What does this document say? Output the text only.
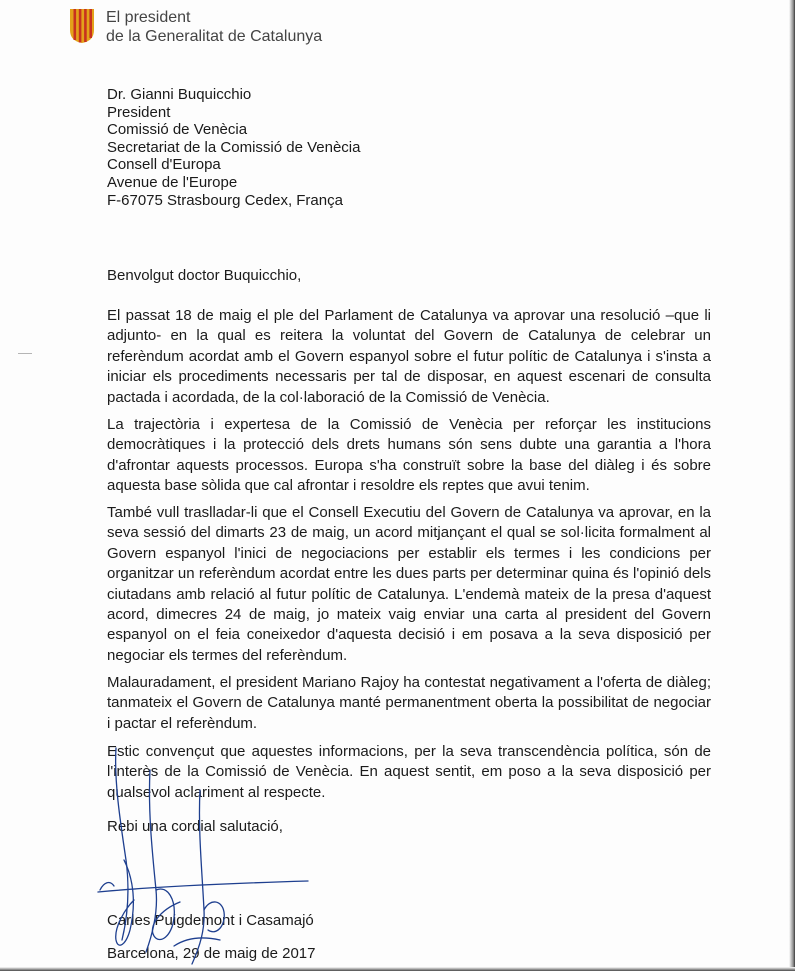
El president
de la Generalitat de Catalunya
Dr. Gianni Buquicchio
President
Comissió de Venècia
Secretariat de la Comissió de Venècia
Consell d'Europa
Avenue de l'Europe
F-67075 Strasbourg Cedex, França
Benvolgut doctor Buquicchio,
El passat 18 de maig el ple del Parlament de Catalunya va aprovar una resolució –que li adjunto- en la qual es reitera la voluntat del Govern de Catalunya de celebrar un referèndum acordat amb el Govern espanyol sobre el futur polític de Catalunya i s'insta a iniciar els procediments necessaris per tal de disposar, en aquest escenari de consulta pactada i acordada, de la col·laboració de la Comissió de Venècia.
La trajectòria i expertesa de la Comissió de Venècia per reforçar les institucions democràtiques i la protecció dels drets humans són sens dubte una garantia a l'hora d'afrontar aquests processos. Europa s'ha construït sobre la base del diàleg i és sobre aquesta base sòlida que cal afrontar i resoldre els reptes que avui tenim.
També vull traslladar-li que el Consell Executiu del Govern de Catalunya va aprovar, en la seva sessió del dimarts 23 de maig, un acord mitjançant el qual se sol·licita formalment al Govern espanyol l'inici de negociacions per establir els termes i les condicions per organitzar un referèndum acordat entre les dues parts per determinar quina és l'opinió dels ciutadans amb relació al futur polític de Catalunya. L'endemà mateix de la presa d'aquest acord, dimecres 24 de maig, jo mateix vaig enviar una carta al president del Govern espanyol on el feia coneixedor d'aquesta decisió i em posava a la seva disposició per negociar els termes del referèndum.
Malauradament, el president Mariano Rajoy ha contestat negativament a l'oferta de diàleg; tanmateix el Govern de Catalunya manté permanentment oberta la possibilitat de negociar i pactar el referèndum.
Estic convençut que aquestes informacions, per la seva transcendència política, són de l'interès de la Comissió de Venècia. En aquest sentit, em poso a la seva disposició per qualsevol aclariment al respecte.
Rebi una cordial salutació,
Carles Puigdemont i Casamajó
Barcelona, 29 de maig de 2017
